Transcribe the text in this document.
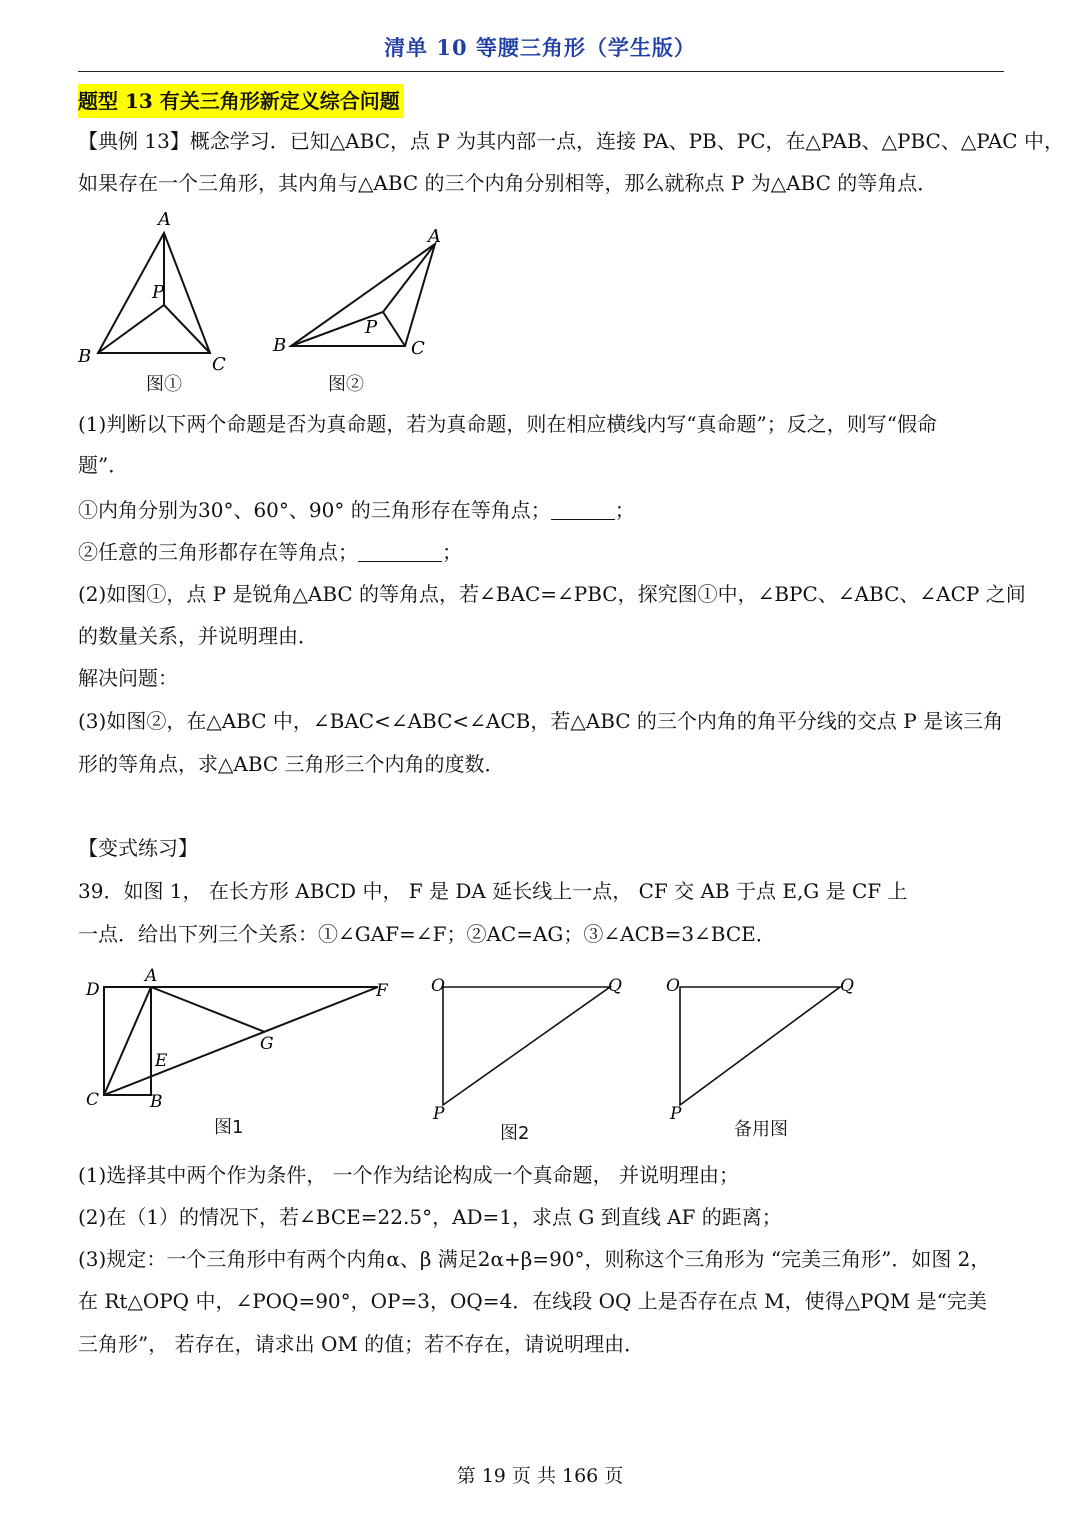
清单 10 等腰三角形（学生版）
题型 13 有关三角形新定义综合问题
【典例 13】概念学习．已知△ABC，点 P 为其内部一点，连接 PA、PB、PC，在△PAB、△PBC、△PAC 中，
如果存在一个三角形，其内角与△ABC 的三个内角分别相等，那么就称点 P 为△ABC 的等角点．
A
P
B	C
图①
A
P
B	C
图②
(1)判断以下两个命题是否为真命题，若为真命题，则在相应横线内写“真命题”；反之，则写“假命
题”．
①内角分别为30°、60°、90° 的三角形存在等角点；	；
②任意的三角形都存在等角点；	；
(2)如图①，点 P 是锐角△ABC 的等角点，若∠BAC=∠PBC，探究图①中，∠BPC、∠ABC、∠ACP 之间
的数量关系，并说明理由．
解决问题：
(3)如图②，在△ABC 中，∠BAC<∠ABC<∠ACB，若△ABC 的三个内角的角平分线的交点 P 是该三角
形的等角点，求△ABC 三角形三个内角的度数．
【变式练习】
39．如图 1， 在长方形 ABCD 中， F 是 DA 延长线上一点， CF 交 AB 于点 E,G 是 CF 上
一点．给出下列三个关系：①∠GAF=∠F；②AC=AG；③∠ACB=3∠BCE．
D
A
F
G
E
C	B
图1
O	Q
P
图2
O	Q
P
备用图
(1)选择其中两个作为条件， 一个作为结论构成一个真命题， 并说明理由；
(2)在（1）的情况下，若∠BCE=22.5°，AD=1，求点 G 到直线 AF 的距离；
(3)规定：一个三角形中有两个内角α、β 满足2α+β=90°，则称这个三角形为 “完美三角形”．如图 2，
在 Rt△OPQ 中，∠POQ=90°，OP=3，OQ=4．在线段 OQ 上是否存在点 M，使得△PQM 是“完美
三角形”， 若存在，请求出 OM 的值；若不存在，请说明理由．
第 19 页 共 166 页
